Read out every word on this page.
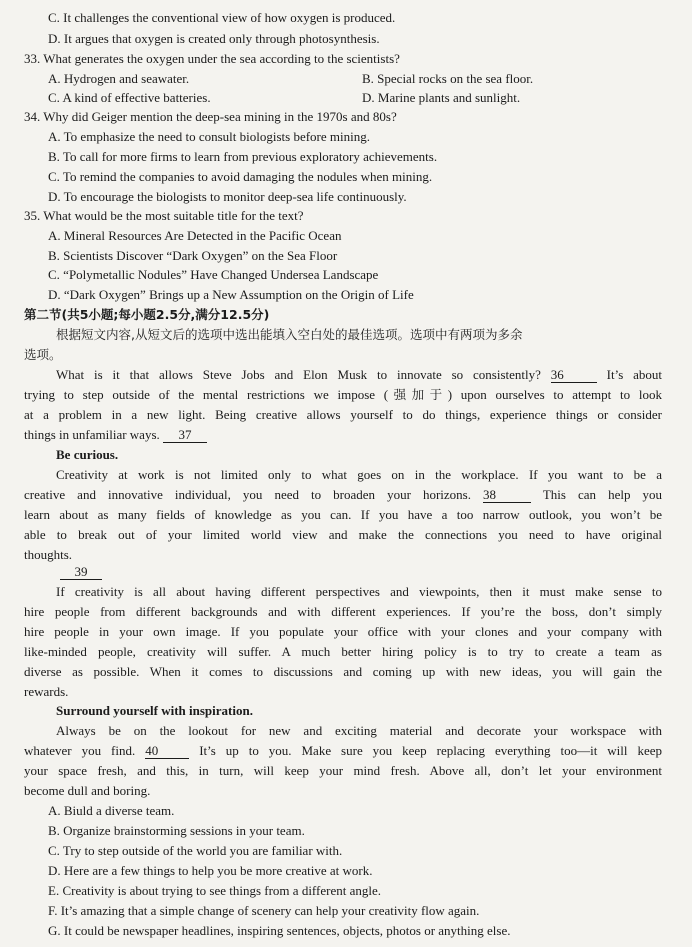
C. It challenges the conventional view of how oxygen is produced.
D. It argues that oxygen is created only through photosynthesis.
33. What generates the oxygen under the sea according to the scientists?
A. Hydrogen and seawater.	B. Special rocks on the sea floor.
C. A kind of effective batteries.	D. Marine plants and sunlight.
34. Why did Geiger mention the deep-sea mining in the 1970s and 80s?
A. To emphasize the need to consult biologists before mining.
B. To call for more firms to learn from previous exploratory achievements.
C. To remind the companies to avoid damaging the nodules when mining.
D. To encourage the biologists to monitor deep-sea life continuously.
35. What would be the most suitable title for the text?
A. Mineral Resources Are Detected in the Pacific Ocean
B. Scientists Discover “Dark Oxygen” on the Sea Floor
C. “Polymetallic Nodules” Have Changed Undersea Landscape
D. “Dark Oxygen” Brings up a New Assumption on the Origin of Life
第二节(共5小题;每小题2.5分,满分12.5分)
根据短文内容,从短文后的选项中选出能填入空白处的最佳选项。选项中有两项为多余
选项。
What is it that allows Steve Jobs and Elon Musk to innovate so consistently? 36	It’s about
trying to step outside of the mental restrictions we impose (强加于) upon ourselves to attempt to look
at a problem in a new light. Being creative allows yourself to do things, experience things or consider
things in unfamiliar ways. 37
Be curious.
Creativity at work is not limited only to what goes on in the workplace. If you want to be a
creative and innovative individual, you need to broaden your horizons. 38	This can help you
learn about as many fields of knowledge as you can. If you have a too narrow outlook, you won’t be
able to break out of your limited world view and make the connections you need to have original
thoughts.
39
If creativity is all about having different perspectives and viewpoints, then it must make sense to
hire people from different backgrounds and with different experiences. If you’re the boss, don’t simply
hire people in your own image. If you populate your office with your clones and your company with
like-minded people, creativity will suffer. A much better hiring policy is to try to create a team as
diverse as possible. When it comes to discussions and coming up with new ideas, you will gain the
rewards.
Surround yourself with inspiration.
Always be on the lookout for new and exciting material and decorate your workspace with
whatever you find. 40	It’s up to you. Make sure you keep replacing everything too—it will keep
your space fresh, and this, in turn, will keep your mind fresh. Above all, don’t let your environment
become dull and boring.
A. Biuld a diverse team.
B. Organize brainstorming sessions in your team.
C. Try to step outside of the world you are familiar with.
D. Here are a few things to help you be more creative at work.
E. Creativity is about trying to see things from a different angle.
F. It’s amazing that a simple change of scenery can help your creativity flow again.
G. It could be newspaper headlines, inspiring sentences, objects, photos or anything else.
